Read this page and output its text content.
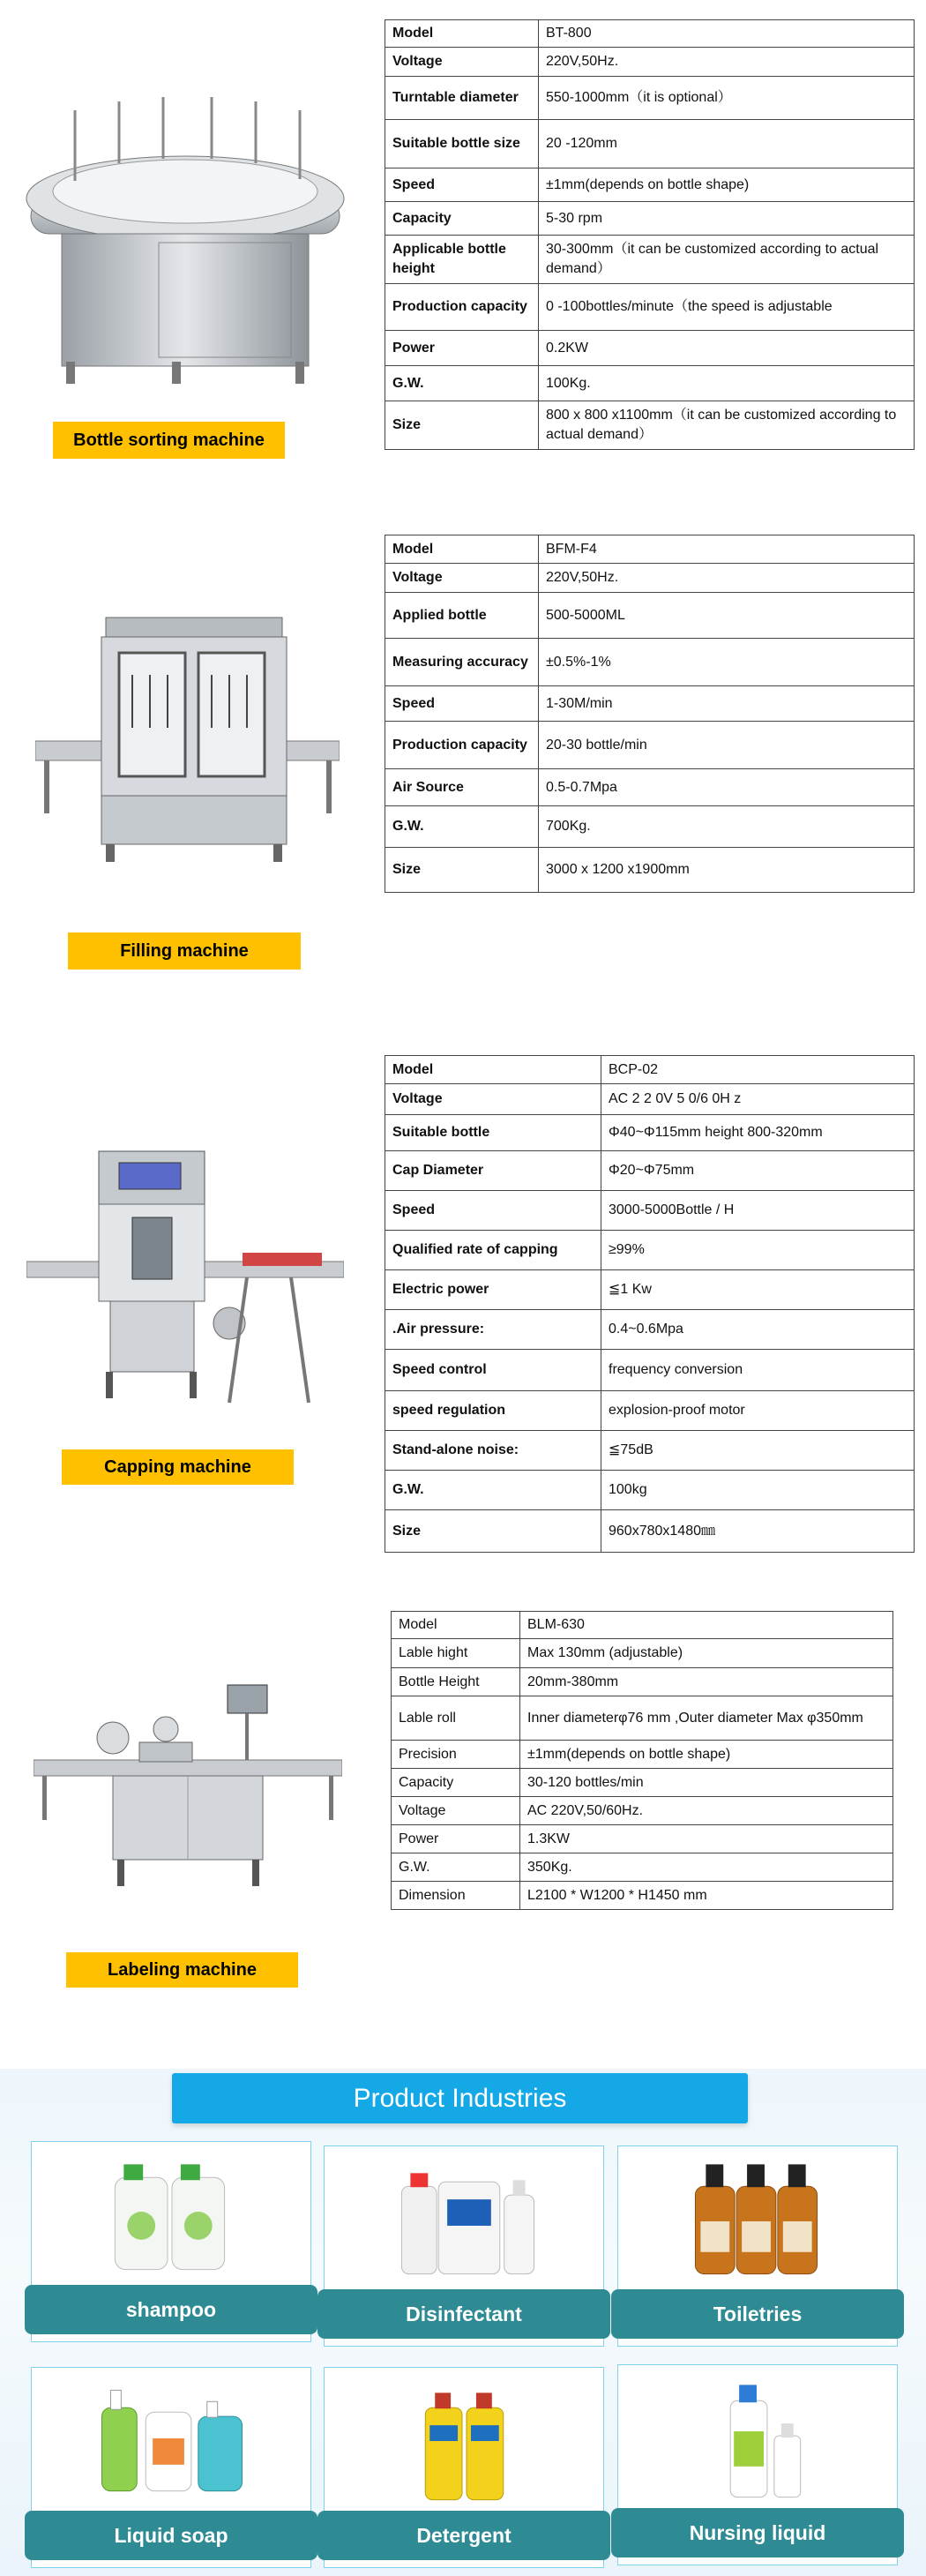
Bottle sorting machine
Model	BT-800
Voltage	220V,50Hz.
Turntable diameter	550-1000mm（it is optional）
Suitable bottle size	20 -120mm
Speed	±1mm(depends on bottle shape)
Capacity	5-30 rpm
Applicable bottle height	30-300mm（it can be customized according to actual demand）
Production capacity	0 -100bottles/minute（the speed is adjustable
Power	0.2KW
G.W.	100Kg.
Size	800 x 800 x1100mm（it can be customized according to actual demand）
Filling machine
Model	BFM-F4
Voltage	220V,50Hz.
Applied bottle	500-5000ML
Measuring accuracy	±0.5%-1%
Speed	1-30M/min
Production capacity	20-30 bottle/min
Air Source	0.5-0.7Mpa
G.W.	700Kg.
Size	3000 x 1200 x1900mm
Capping machine
Model	BCP-02
Voltage	AC 2 2 0V 5 0/6 0H z
Suitable bottle	Φ40~Φ115mm height 800-320mm
Cap Diameter	Φ20~Φ75mm
Speed	3000-5000Bottle / H
Qualified rate of capping	≥99%
Electric power	≦1 Kw
.Air pressure:	0.4~0.6Mpa
Speed control	frequency conversion
speed regulation	explosion-proof motor
Stand-alone noise:	≦75dB
G.W.	100kg
Size	960x780x1480㎜
Labeling machine
Model	BLM-630
Lable hight	Max 130mm (adjustable)
Bottle Height	20mm-380mm
Lable roll	Inner diameterφ76 mm ,Outer diameter Max φ350mm
Precision	±1mm(depends on bottle shape)
Capacity	30-120 bottles/min
Voltage	AC 220V,50/60Hz.
Power	1.3KW
G.W.	350Kg.
Dimension	L2100 * W1200 * H1450 mm
Product Industries
shampoo	Disinfectant	Toiletries
Liquid soap	Detergent	Nursing liquid
